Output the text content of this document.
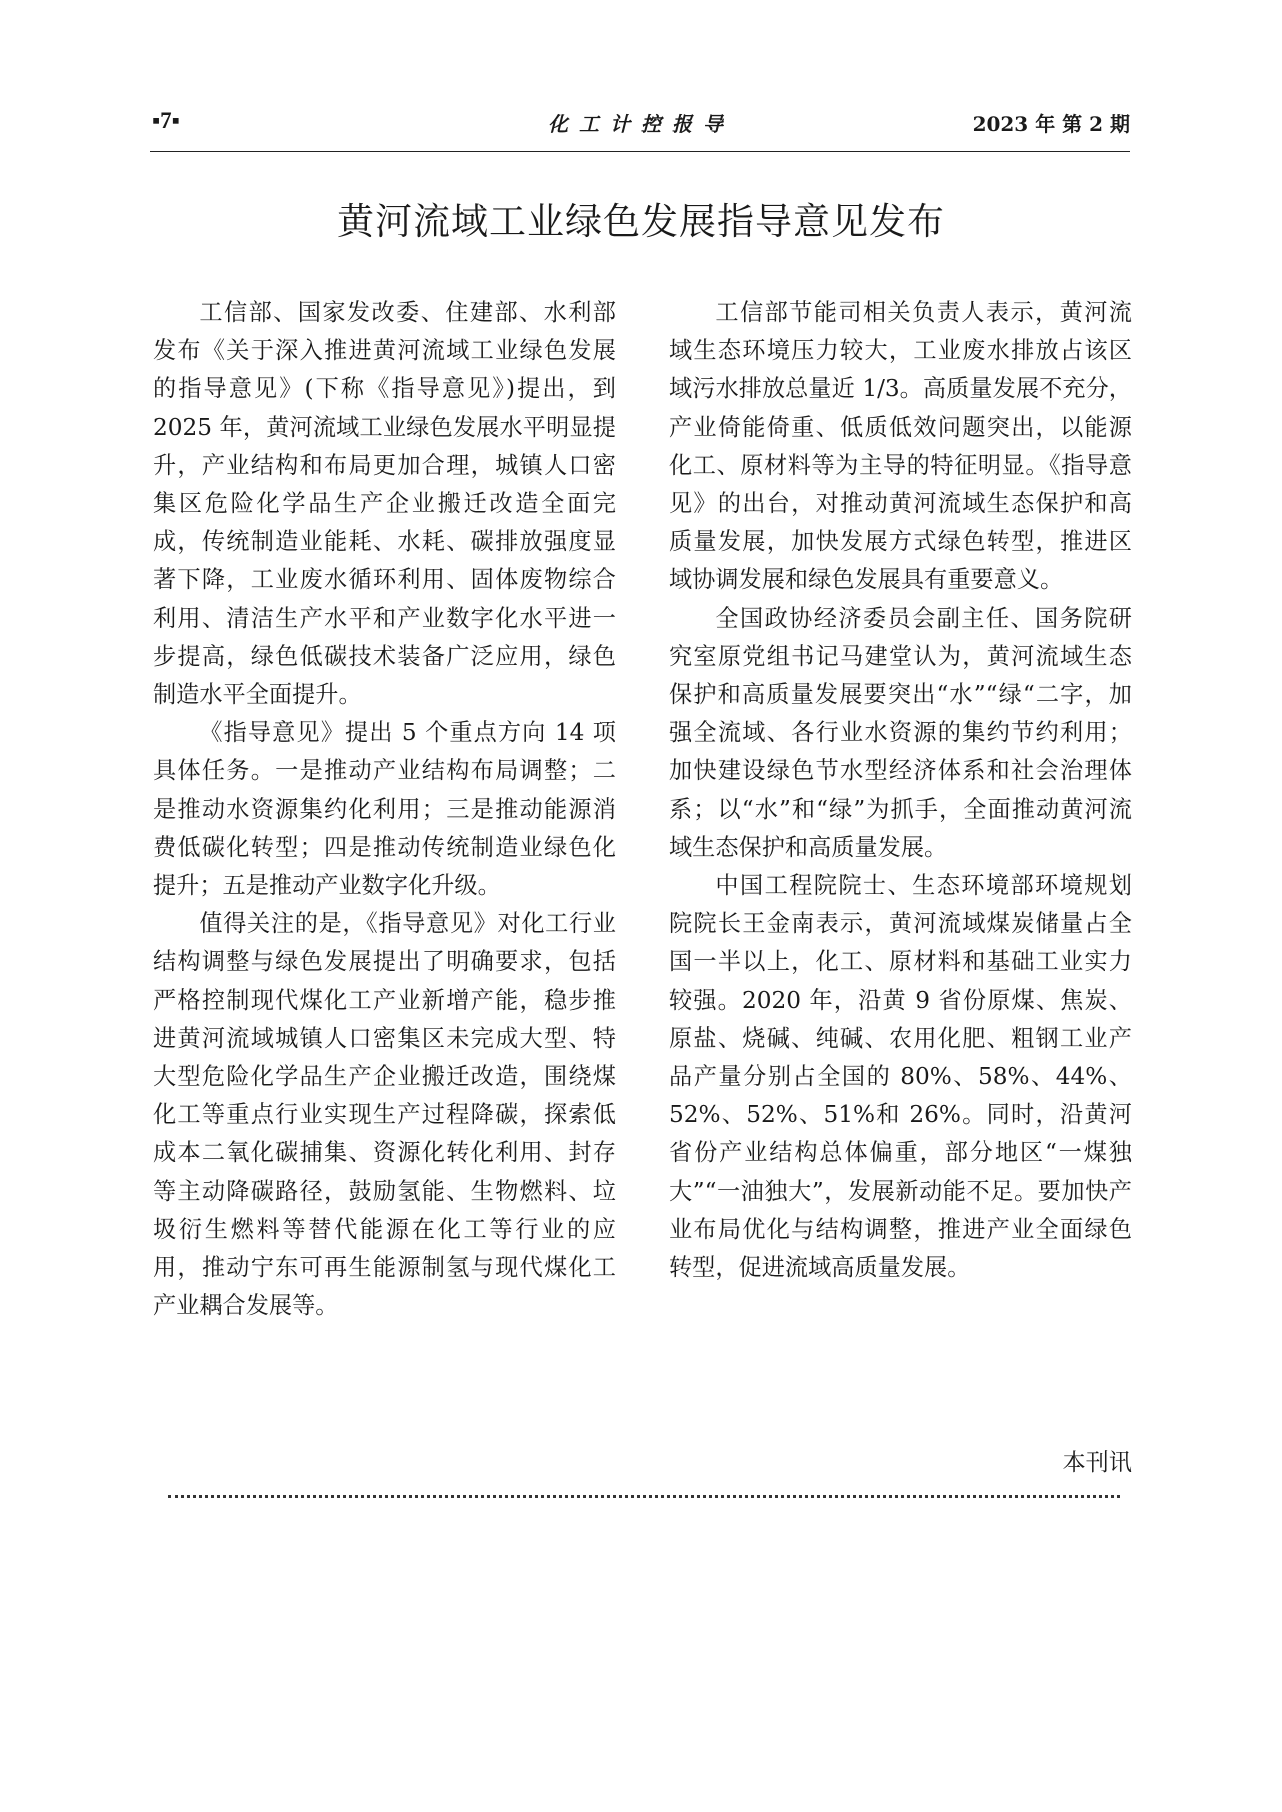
▪7▪	化工计控报导	2023 年 第 2 期
黄河流域工业绿色发展指导意见发布

工信部、国家发改委、住建部、水利部发布《关于深入推进黄河流域工业绿色发展的指导意见》(下称《指导意见》)提出，到 2025 年，黄河流域工业绿色发展水平明显提升，产业结构和布局更加合理，城镇人口密集区危险化学品生产企业搬迁改造全面完成，传统制造业能耗、水耗、碳排放强度显著下降，工业废水循环利用、固体废物综合利用、清洁生产水平和产业数字化水平进一步提高，绿色低碳技术装备广泛应用，绿色制造水平全面提升。

《指导意见》提出 5 个重点方向 14 项具体任务。一是推动产业结构布局调整；二是推动水资源集约化利用；三是推动能源消费低碳化转型；四是推动传统制造业绿色化提升；五是推动产业数字化升级。

值得关注的是，《指导意见》对化工行业结构调整与绿色发展提出了明确要求，包括严格控制现代煤化工产业新增产能，稳步推进黄河流域城镇人口密集区未完成大型、特大型危险化学品生产企业搬迁改造，围绕煤化工等重点行业实现生产过程降碳，探索低成本二氧化碳捕集、资源化转化利用、封存等主动降碳路径，鼓励氢能、生物燃料、垃圾衍生燃料等替代能源在化工等行业的应用，推动宁东可再生能源制氢与现代煤化工产业耦合发展等。

工信部节能司相关负责人表示，黄河流域生态环境压力较大，工业废水排放占该区域污水排放总量近 1/3。高质量发展不充分，产业倚能倚重、低质低效问题突出，以能源化工、原材料等为主导的特征明显。《指导意见》的出台，对推动黄河流域生态保护和高质量发展，加快发展方式绿色转型，推进区域协调发展和绿色发展具有重要意义。

全国政协经济委员会副主任、国务院研究室原党组书记马建堂认为，黄河流域生态保护和高质量发展要突出“水”“绿“二字，加强全流域、各行业水资源的集约节约利用；加快建设绿色节水型经济体系和社会治理体系；以“水”和“绿”为抓手，全面推动黄河流域生态保护和高质量发展。

中国工程院院士、生态环境部环境规划院院长王金南表示，黄河流域煤炭储量占全国一半以上，化工、原材料和基础工业实力较强。2020 年，沿黄 9 省份原煤、焦炭、原盐、烧碱、纯碱、农用化肥、粗钢工业产品产量分别占全国的 80%、58%、44%、52%、52%、51%和 26%。同时，沿黄河省份产业结构总体偏重，部分地区“一煤独大”“一油独大”，发展新动能不足。要加快产业布局优化与结构调整，推进产业全面绿色转型，促进流域高质量发展。

本刊讯
